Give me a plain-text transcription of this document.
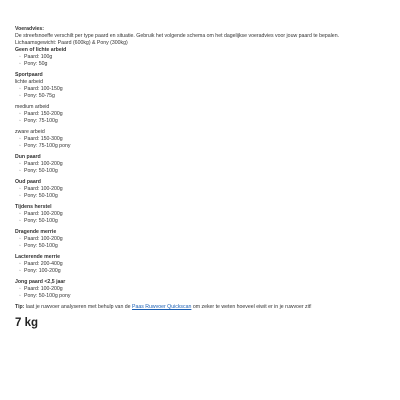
Voeradvies:

De streefsnoeffe verschilt per type paard en situatie. Gebruik het volgende schema om het dagelijkse voeradvies voor jouw paard te bepalen.

Lichaamsgewicht: Paard (600kg) & Pony (300kg)

Geen of lichte arbeid

◦ Paard: 100g
◦ Pony: 50g

Sportpaard

lichte arbeid

◦ Paard: 100-150g
◦ Pony: 50-75g

medium arbeid

◦ Paard: 150-200g
◦ Pony: 75-100g

zware arbeid

◦ Paard: 150-300g
◦ Pony: 75-100g pony

Dun paard

◦ Paard: 100-200g
◦ Pony: 50-100g

Oud paard

◦ Paard: 100-200g
◦ Pony: 50-100g

Tijdens herstel

◦ Paard: 100-200g
◦ Pony: 50-100g

Dragende merrie

◦ Paard: 100-200g
◦ Pony: 50-100g

Lacterende merrie

◦ Paard: 200-400g
◦ Pony: 100-200g

Jong paard <2,5 jaar

◦ Paard: 100-200g
◦ Pony: 50-100g pony

Tip: laat je ruwvoer analyseren met behulp van de Paas Ruwvoer Quickscan om zeker te weten hoeveel eiwit er in je ruwvoer zit!

7 kg
